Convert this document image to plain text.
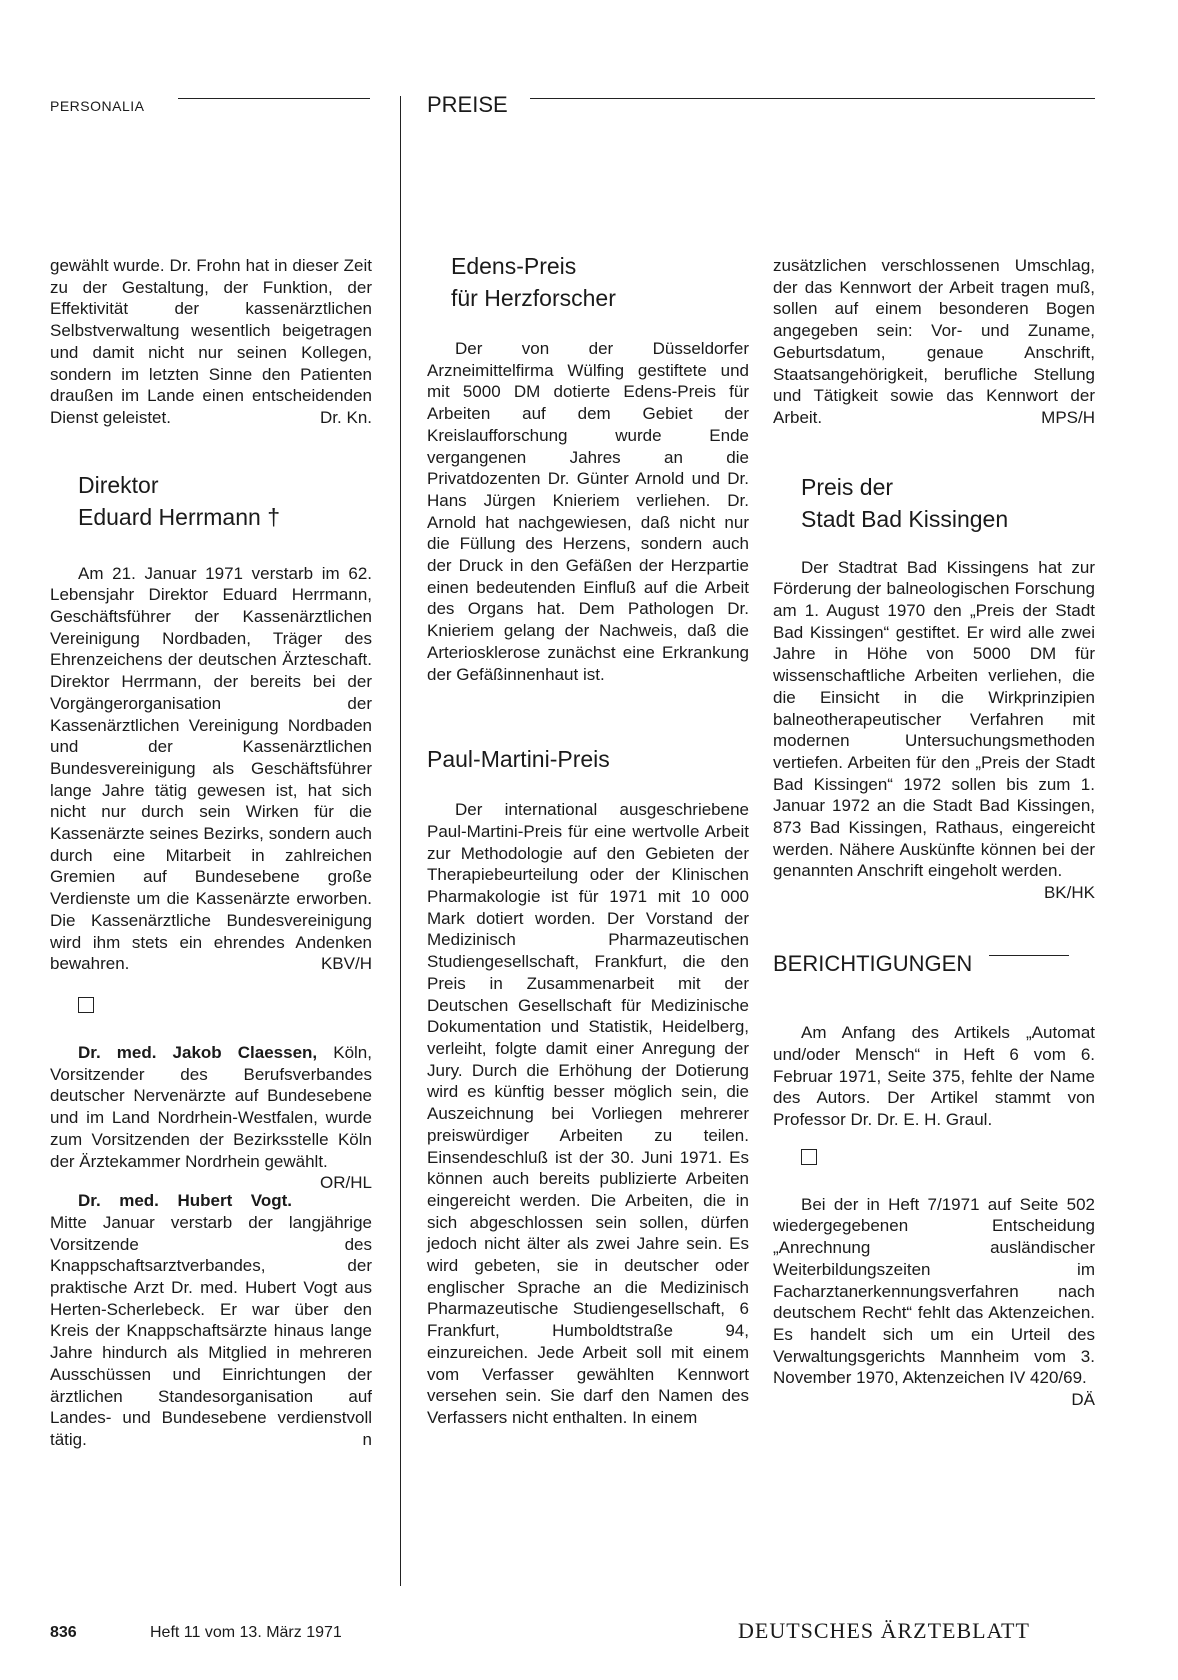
PERSONALIA	PREISE

gewählt wurde. Dr. Frohn hat in dieser Zeit zu der Gestaltung, der Funktion, der Effektivität der kassenärztlichen Selbstverwaltung wesentlich beigetragen und damit nicht nur seinen Kollegen, sondern im letzten Sinne den Patienten draußen im Lande einen entscheidenden Dienst geleistet.	Dr. Kn.

Direktor
Eduard Herrmann †

Am 21. Januar 1971 verstarb im 62. Lebensjahr Direktor Eduard Herrmann, Geschäftsführer der Kassenärztlichen Vereinigung Nordbaden, Träger des Ehrenzeichens der deutschen Ärzteschaft. Direktor Herrmann, der bereits bei der Vorgängerorganisation der Kassenärztlichen Vereinigung Nordbaden und der Kassenärztlichen Bundesvereinigung als Geschäftsführer lange Jahre tätig gewesen ist, hat sich nicht nur durch sein Wirken für die Kassenärzte seines Bezirks, sondern auch durch eine Mitarbeit in zahlreichen Gremien auf Bundesebene große Verdienste um die Kassenärzte erworben. Die Kassenärztliche Bundesvereinigung wird ihm stets ein ehrendes Andenken bewahren.	KBV/H

Dr. med. Jakob Claessen, Köln, Vorsitzender des Berufsverbandes deutscher Nervenärzte auf Bundesebene und im Land Nordrhein-Westfalen, wurde zum Vorsitzenden der Bezirksstelle Köln der Ärztekammer Nordrhein gewählt.
OR/HL

Dr. med. Hubert Vogt. Mitte Januar verstarb der langjährige Vorsitzende des Knappschaftsarztverbandes, der praktische Arzt Dr. med. Hubert Vogt aus Herten-Scherlebeck. Er war über den Kreis der Knappschaftsärzte hinaus lange Jahre hindurch als Mitglied in mehreren Ausschüssen und Einrichtungen der ärztlichen Standesorganisation auf Landes- und Bundesebene verdienstvoll tätig.	n

Edens-Preis
für Herzforscher

Der von der Düsseldorfer Arzneimittelfirma Wülfing gestiftete und mit 5000 DM dotierte Edens-Preis für Arbeiten auf dem Gebiet der Kreislaufforschung wurde Ende vergangenen Jahres an die Privatdozenten Dr. Günter Arnold und Dr. Hans Jürgen Knieriem verliehen. Dr. Arnold hat nachgewiesen, daß nicht nur die Füllung des Herzens, sondern auch der Druck in den Gefäßen der Herzpartie einen bedeutenden Einfluß auf die Arbeit des Organs hat. Dem Pathologen Dr. Knieriem gelang der Nachweis, daß die Arteriosklerose zunächst eine Erkrankung der Gefäßinnenhaut ist.

Paul-Martini-Preis

Der international ausgeschriebene Paul-Martini-Preis für eine wertvolle Arbeit zur Methodologie auf den Gebieten der Therapiebeurteilung oder der Klinischen Pharmakologie ist für 1971 mit 10 000 Mark dotiert worden. Der Vorstand der Medizinisch Pharmazeutischen Studiengesellschaft, Frankfurt, die den Preis in Zusammenarbeit mit der Deutschen Gesellschaft für Medizinische Dokumentation und Statistik, Heidelberg, verleiht, folgte damit einer Anregung der Jury. Durch die Erhöhung der Dotierung wird es künftig besser möglich sein, die Auszeichnung bei Vorliegen mehrerer preiswürdiger Arbeiten zu teilen. Einsendeschluß ist der 30. Juni 1971. Es können auch bereits publizierte Arbeiten eingereicht werden. Die Arbeiten, die in sich abgeschlossen sein sollen, dürfen jedoch nicht älter als zwei Jahre sein. Es wird gebeten, sie in deutscher oder englischer Sprache an die Medizinisch Pharmazeutische Studiengesellschaft, 6 Frankfurt, Humboldtstraße 94, einzureichen. Jede Arbeit soll mit einem vom Verfasser gewählten Kennwort versehen sein. Sie darf den Namen des Verfassers nicht enthalten. In einem

zusätzlichen verschlossenen Umschlag, der das Kennwort der Arbeit tragen muß, sollen auf einem besonderen Bogen angegeben sein: Vor- und Zuname, Geburtsdatum, genaue Anschrift, Staatsangehörigkeit, berufliche Stellung und Tätigkeit sowie das Kennwort der Arbeit.	MPS/H

Preis der
Stadt Bad Kissingen

Der Stadtrat Bad Kissingens hat zur Förderung der balneologischen Forschung am 1. August 1970 den „Preis der Stadt Bad Kissingen“ gestiftet. Er wird alle zwei Jahre in Höhe von 5000 DM für wissenschaftliche Arbeiten verliehen, die die Einsicht in die Wirkprinzipien balneotherapeutischer Verfahren mit modernen Untersuchungsmethoden vertiefen. Arbeiten für den „Preis der Stadt Bad Kissingen“ 1972 sollen bis zum 1. Januar 1972 an die Stadt Bad Kissingen, 873 Bad Kissingen, Rathaus, eingereicht werden. Nähere Auskünfte können bei der genannten Anschrift eingeholt werden.
BK/HK

BERICHTIGUNGEN

Am Anfang des Artikels „Automat und/oder Mensch“ in Heft 6 vom 6. Februar 1971, Seite 375, fehlte der Name des Autors. Der Artikel stammt von Professor Dr. Dr. E. H. Graul.

Bei der in Heft 7/1971 auf Seite 502 wiedergegebenen Entscheidung „Anrechnung ausländischer Weiterbildungszeiten im Facharztanerkennungsverfahren nach deutschem Recht“ fehlt das Aktenzeichen. Es handelt sich um ein Urteil des Verwaltungsgerichts Mannheim vom 3. November 1970, Aktenzeichen IV 420/69.
DÄ

836	Heft 11 vom 13. März 1971	DEUTSCHES ÄRZTEBLATT
